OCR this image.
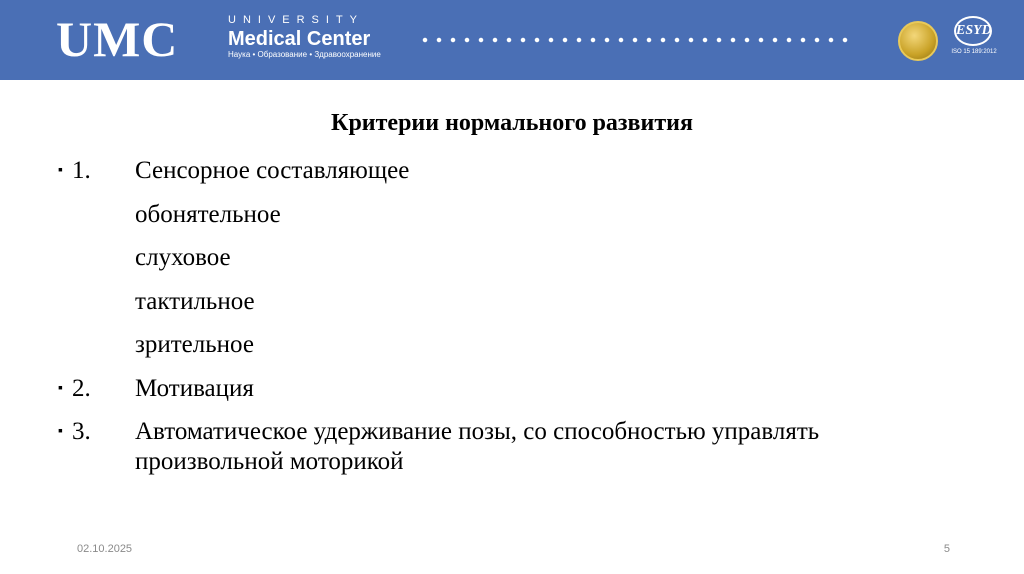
UMC	UNIVERSITY
Medical Center
Наука • Образование • Здравоохранение
ESYD
ISO 15 189:2012
Критерии нормального развития
▪ 1. Сенсорное составляющее
обонятельное
слуховое
тактильное
зрительное
▪ 2. Мотивация
▪ 3. Автоматическое удерживание позы, со способностью управлять произвольной моторикой
02.10.2025	5
